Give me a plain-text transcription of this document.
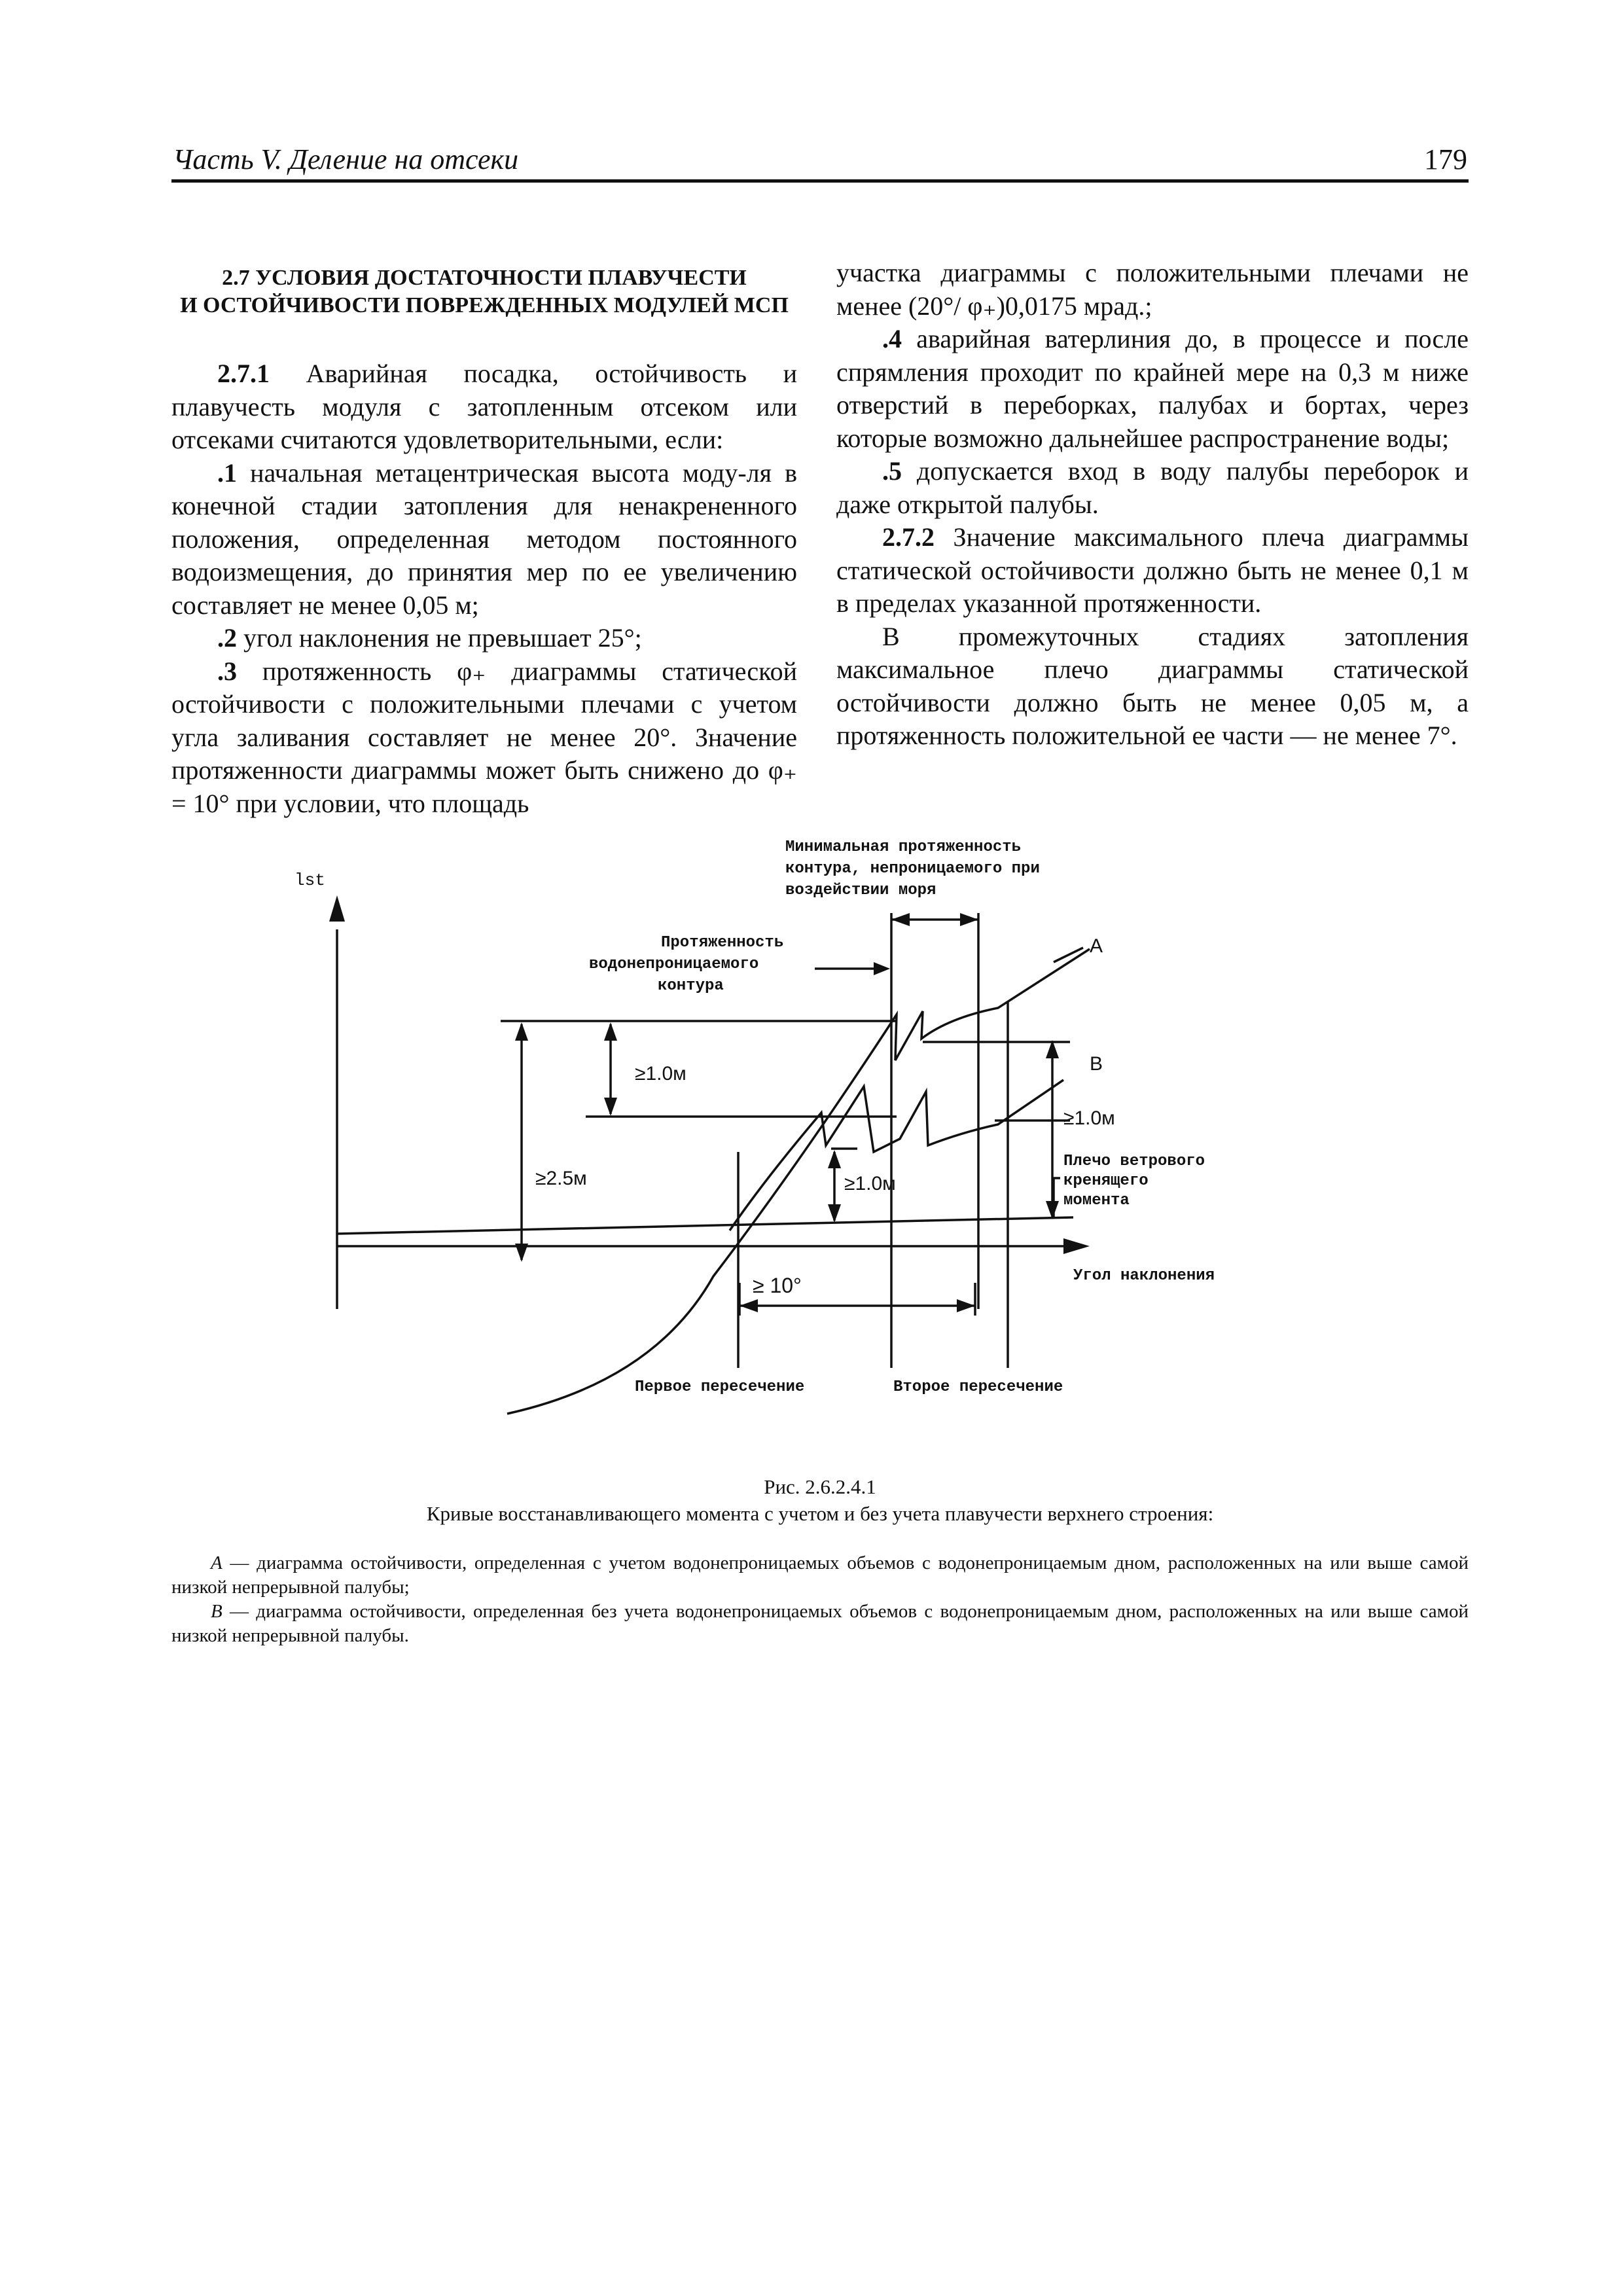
Часть V. Деление на отсеки	179

2.7 УСЛОВИЯ ДОСТАТОЧНОСТИ ПЛАВУЧЕСТИ
И ОСТОЙЧИВОСТИ ПОВРЕЖДЕННЫХ МОДУЛЕЙ МСП

2.7.1 Аварийная посадка, остойчивость и плавучесть модуля с затопленным отсеком или отсеками считаются удовлетворительными, если:

.1 начальная метацентрическая высота моду-ля в конечной стадии затопления для ненакрененного положения, определенная методом постоянного водоизмещения, до принятия мер по ее увеличению составляет не менее 0,05 м;

.2 угол наклонения не превышает 25°;

.3 протяженность φ₊ диаграммы статической остойчивости с положительными плечами с учетом угла заливания составляет не менее 20°. Значение протяженности диаграммы может быть снижено до φ₊ = 10° при условии, что площадь

участка диаграммы с положительными плечами не менее (20°/ φ₊)0,0175 мрад.;

.4 аварийная ватерлиния до, в процессе и после спрямления проходит по крайней мере на 0,3 м ниже отверстий в переборках, палубах и бортах, через которые возможно дальнейшее распространение воды;

.5 допускается вход в воду палубы переборок и даже открытой палубы.

2.7.2 Значение максимального плеча диаграммы статической остойчивости должно быть не менее 0,1 м в пределах указанной протяженности.

В промежуточных стадиях затопления максимальное плечо диаграммы статической остойчивости должно быть не менее 0,05 м, а протяженность положительной ее части — не менее 7°.

lst
Минимальная протяженность
контура, непроницаемого при
воздействии моря
Протяженность
водонепроницаемого
контура
A
B
≥1.0м
≥1.0м
≥1.0м
≥2.5м
≥ 10°
Плечо ветрового
кренящего
момента
Угол наклонения
Первое пересечение	Второе пересечение
Рис. 2.6.2.4.1
Кривые восстанавливающего момента с учетом и без учета плавучести верхнего строения:

А — диаграмма остойчивости, определенная с учетом водонепроницаемых объемов с водонепроницаемым дном, расположенных на или выше самой низкой непрерывной палубы;

В — диаграмма остойчивости, определенная без учета водонепроницаемых объемов с водонепроницаемым дном, расположенных на или выше самой низкой непрерывной палубы.
